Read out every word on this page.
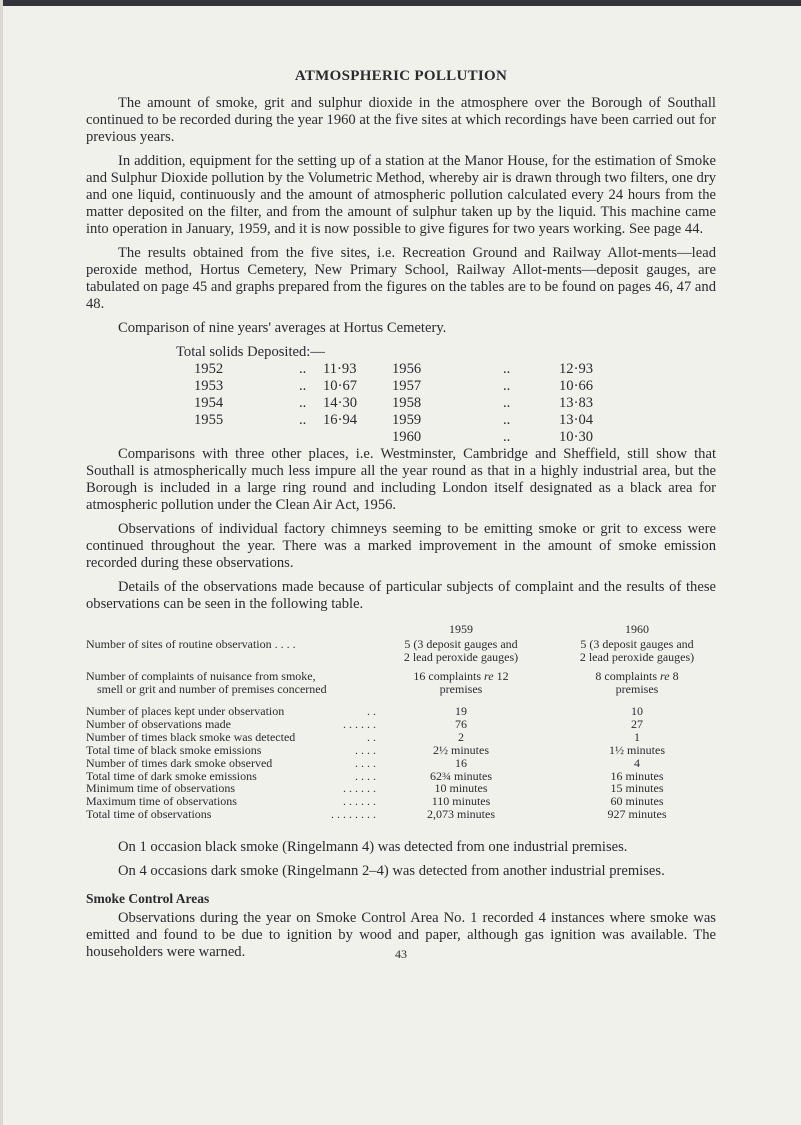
ATMOSPHERIC POLLUTION

The amount of smoke, grit and sulphur dioxide in the atmosphere over the Borough of Southall continued to be recorded during the year 1960 at the five sites at which recordings have been carried out for previous years.

In addition, equipment for the setting up of a station at the Manor House, for the estimation of Smoke and Sulphur Dioxide pollution by the Volumetric Method, whereby air is drawn through two filters, one dry and one liquid, continuously and the amount of atmospheric pollution calculated every 24 hours from the matter deposited on the filter, and from the amount of sulphur taken up by the liquid. This machine came into operation in January, 1959, and it is now possible to give figures for two years working. See page 44.

The results obtained from the five sites, i.e. Recreation Ground and Railway Allot-ments—lead peroxide method, Hortus Cemetery, New Primary School, Railway Allot-ments—deposit gauges, are tabulated on page 45 and graphs prepared from the figures on the tables are to be found on pages 46, 47 and 48.

Comparison of nine years' averages at Hortus Cemetery.

Total solids Deposited:—
1952	.. 11·93 1956	..	12·93
1953	.. 10·67 1957	..	10·66
1954	.. 14·30 1958	..	13·83
1955	.. 16·94 1959	..	13·04
1960	..	10·30

Comparisons with three other places, i.e. Westminster, Cambridge and Sheffield, still show that Southall is atmospherically much less impure all the year round as that in a highly industrial area, but the Borough is included in a large ring round and including London itself designated as a black area for atmospheric pollution under the Clean Air Act, 1956.

Observations of individual factory chimneys seeming to be emitting smoke or grit to excess were continued throughout the year. There was a marked improvement in the amount of smoke emission recorded during these observations.

Details of the observations made because of particular subjects of complaint and the results of these observations can be seen in the following table.

1959	1960
Number of sites of routine observation . . . .	5 (3 deposit gauges and
2 lead peroxide gauges)
5 (3 deposit gauges and
2 lead peroxide gauges)
Number of complaints of nuisance from smoke,
smell or grit and number of premises concerned
16 complaints re 12
premises
8 complaints re 8
premises
Number of places kept under observation	. .	19	10
Number of observations made	. . . . . .	76	27
Number of times black smoke was detected	. .	2	1
Total time of black smoke emissions	. . . .	2½ minutes	1½ minutes
Number of times dark smoke observed	. . . .	16	4
Total time of dark smoke emissions	. . . .	62¾ minutes	16 minutes
Minimum time of observations	. . . . . .	10 minutes	15 minutes
Maximum time of observations	. . . . . .	110 minutes	60 minutes
Total time of observations	. . . . . . . .	2,073 minutes	927 minutes

On 1 occasion black smoke (Ringelmann 4) was detected from one industrial premises.

On 4 occasions dark smoke (Ringelmann 2–4) was detected from another industrial premises.

Smoke Control Areas

Observations during the year on Smoke Control Area No. 1 recorded 4 instances where smoke was emitted and found to be due to ignition by wood and paper, although gas ignition was available. The householders were warned.	43
